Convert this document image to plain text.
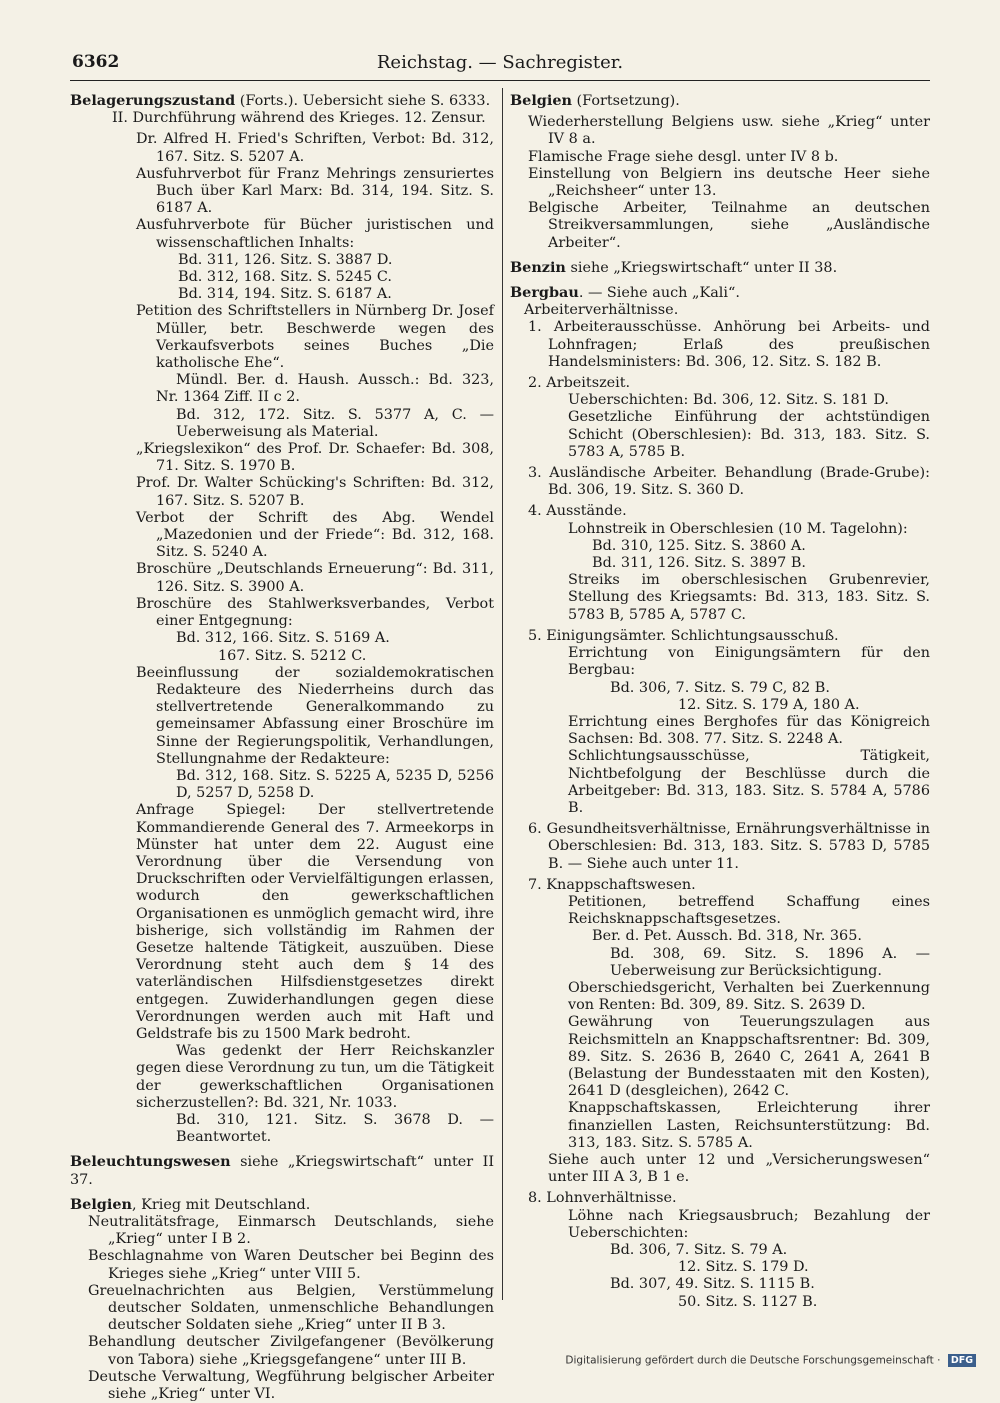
6362	Reichstag. — Sachregister.

Belagerungszustand (Forts.). Uebersicht siehe S. 6333.

II. Durchführung während des Krieges. 12. Zensur.

Dr. Alfred H. Fried's Schriften, Verbot: Bd. 312, 167. Sitz. S. 5207 A.

Ausfuhrverbot für Franz Mehrings zensuriertes Buch über Karl Marx: Bd. 314, 194. Sitz. S. 6187 A.

Ausfuhrverbote für Bücher juristischen und wissenschaftlichen Inhalts:

Bd. 311, 126. Sitz. S. 3887 D.

Bd. 312, 168. Sitz. S. 5245 C.

Bd. 314, 194. Sitz. S. 6187 A.

Petition des Schriftstellers in Nürnberg Dr. Josef Müller, betr. Beschwerde wegen des Verkaufsverbots seines Buches „Die katholische Ehe“.

Mündl. Ber. d. Haush. Aussch.: Bd. 323, Nr. 1364 Ziff. II c 2.

Bd. 312, 172. Sitz. S. 5377 A, C. — Ueberweisung als Material.

„Kriegslexikon“ des Prof. Dr. Schaefer: Bd. 308, 71. Sitz. S. 1970 B.

Prof. Dr. Walter Schücking's Schriften: Bd. 312, 167. Sitz. S. 5207 B.

Verbot der Schrift des Abg. Wendel „Mazedonien und der Friede“: Bd. 312, 168. Sitz. S. 5240 A.

Broschüre „Deutschlands Erneuerung“: Bd. 311, 126. Sitz. S. 3900 A.

Broschüre des Stahlwerksverbandes, Verbot einer Entgegnung:

Bd. 312, 166. Sitz. S. 5169 A.

167. Sitz. S. 5212 C.

Beeinflussung der sozialdemokratischen Redakteure des Niederrheins durch das stellvertretende Generalkommando zu gemeinsamer Abfassung einer Broschüre im Sinne der Regierungspolitik, Verhandlungen, Stellungnahme der Redakteure:

Bd. 312, 168. Sitz. S. 5225 A, 5235 D, 5256 D, 5257 D, 5258 D.

Anfrage Spiegel: Der stellvertretende Kommandierende General des 7. Armeekorps in Münster hat unter dem 22. August eine Verordnung über die Versendung von Druckschriften oder Vervielfältigungen erlassen, wodurch den gewerkschaftlichen Organisationen es unmöglich gemacht wird, ihre bisherige, sich vollständig im Rahmen der Gesetze haltende Tätigkeit, auszuüben. Diese Verordnung steht auch dem § 14 des vaterländischen Hilfsdienstgesetzes direkt entgegen. Zuwiderhandlungen gegen diese Verordnungen werden auch mit Haft und Geldstrafe bis zu 1500 Mark bedroht.

Was gedenkt der Herr Reichskanzler gegen diese Verordnung zu tun, um die Tätigkeit der gewerkschaftlichen Organisationen sicherzustellen?: Bd. 321, Nr. 1033.

Bd. 310, 121. Sitz. S. 3678 D. — Beantwortet.

Beleuchtungswesen siehe „Kriegswirtschaft“ unter II 37.

Belgien, Krieg mit Deutschland.

Neutralitätsfrage, Einmarsch Deutschlands, siehe „Krieg“ unter I B 2.

Beschlagnahme von Waren Deutscher bei Beginn des Krieges siehe „Krieg“ unter VIII 5.

Greuelnachrichten aus Belgien, Verstümmelung deutscher Soldaten, unmenschliche Behandlungen deutscher Soldaten siehe „Krieg“ unter II B 3.

Behandlung deutscher Zivilgefangener (Bevölkerung von Tabora) siehe „Kriegsgefangene“ unter III B.

Deutsche Verwaltung, Wegführung belgischer Arbeiter siehe „Krieg“ unter VI.

Belgien (Fortsetzung).

Wiederherstellung Belgiens usw. siehe „Krieg“ unter IV 8 a.

Flamische Frage siehe desgl. unter IV 8 b.

Einstellung von Belgiern ins deutsche Heer siehe „Reichsheer“ unter 13.

Belgische Arbeiter, Teilnahme an deutschen Streikversammlungen, siehe „Ausländische Arbeiter“.

Benzin siehe „Kriegswirtschaft“ unter II 38.

Bergbau. — Siehe auch „Kali“.

Arbeiterverhältnisse.

1. Arbeiterausschüsse. Anhörung bei Arbeits- und Lohnfragen; Erlaß des preußischen Handelsministers: Bd. 306, 12. Sitz. S. 182 B.

2. Arbeitszeit.

Ueberschichten: Bd. 306, 12. Sitz. S. 181 D.

Gesetzliche Einführung der achtstündigen Schicht (Oberschlesien): Bd. 313, 183. Sitz. S. 5783 A, 5785 B.

3. Ausländische Arbeiter. Behandlung (Brade-Grube): Bd. 306, 19. Sitz. S. 360 D.

4. Ausstände.

Lohnstreik in Oberschlesien (10 M. Tagelohn):

Bd. 310, 125. Sitz. S. 3860 A.

Bd. 311, 126. Sitz. S. 3897 B.

Streiks im oberschlesischen Grubenrevier, Stellung des Kriegsamts: Bd. 313, 183. Sitz. S. 5783 B, 5785 A, 5787 C.

5. Einigungsämter. Schlichtungsausschuß.

Errichtung von Einigungsämtern für den Bergbau:

Bd. 306, 7. Sitz. S. 79 C, 82 B.

12. Sitz. S. 179 A, 180 A.

Errichtung eines Berghofes für das Königreich Sachsen: Bd. 308. 77. Sitz. S. 2248 A.

Schlichtungsausschüsse, Tätigkeit, Nichtbefolgung der Beschlüsse durch die Arbeitgeber: Bd. 313, 183. Sitz. S. 5784 A, 5786 B.

6. Gesundheitsverhältnisse, Ernährungsverhältnisse in Oberschlesien: Bd. 313, 183. Sitz. S. 5783 D, 5785 B. — Siehe auch unter 11.

7. Knappschaftswesen.

Petitionen, betreffend Schaffung eines Reichsknappschaftsgesetzes.

Ber. d. Pet. Aussch. Bd. 318, Nr. 365.

Bd. 308, 69. Sitz. S. 1896 A. — Ueberweisung zur Berücksichtigung.

Oberschiedsgericht, Verhalten bei Zuerkennung von Renten: Bd. 309, 89. Sitz. S. 2639 D.

Gewährung von Teuerungszulagen aus Reichsmitteln an Knappschaftsrentner: Bd. 309, 89. Sitz. S. 2636 B, 2640 C, 2641 A, 2641 B (Belastung der Bundesstaaten mit den Kosten), 2641 D (desgleichen), 2642 C.

Knappschaftskassen, Erleichterung ihrer finanziellen Lasten, Reichsunterstützung: Bd. 313, 183. Sitz. S. 5785 A.

Siehe auch unter 12 und „Versicherungswesen“ unter III A 3, B 1 e.

8. Lohnverhältnisse.

Löhne nach Kriegsausbruch; Bezahlung der Ueberschichten:

Bd. 306, 7. Sitz. S. 79 A.

12. Sitz. S. 179 D.

Bd. 307, 49. Sitz. S. 1115 B.

50. Sitz. S. 1127 B.

Digitalisierung gefördert durch die Deutsche Forschungsgemeinschaft · DFG
